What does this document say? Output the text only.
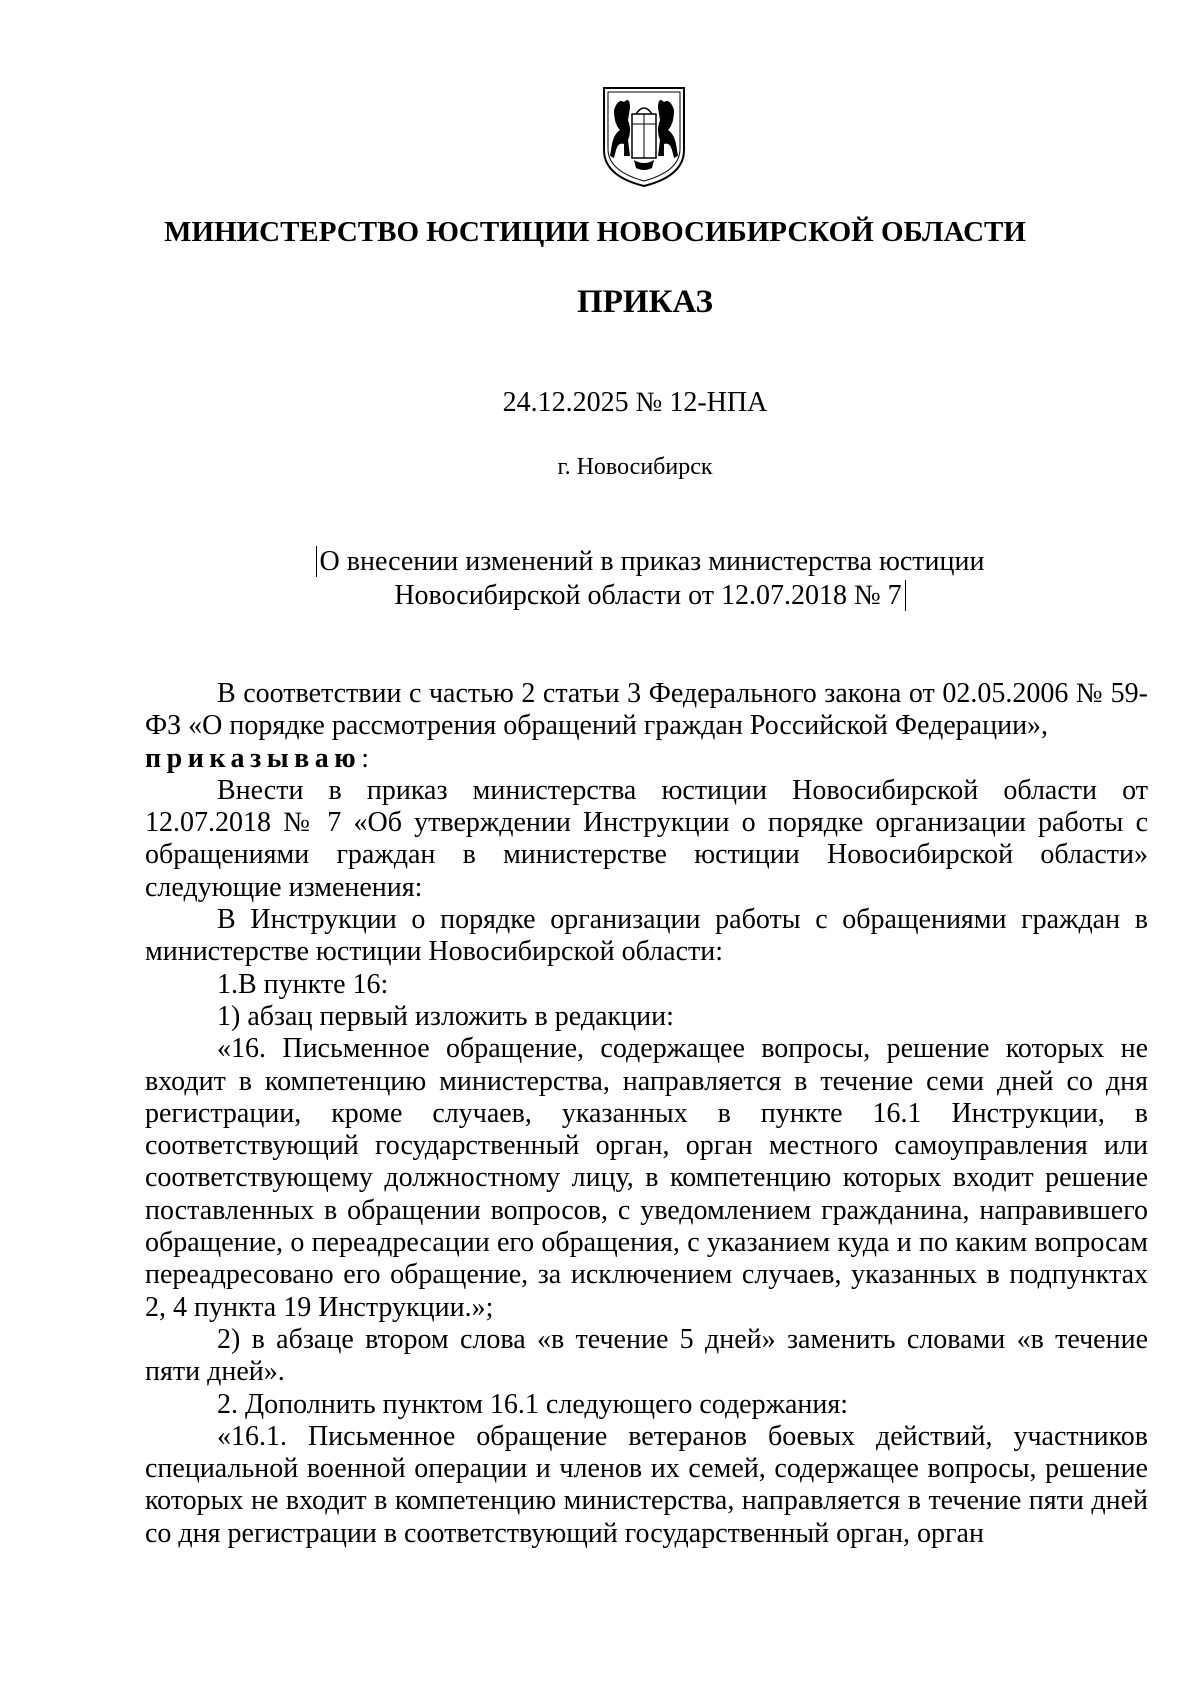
МИНИСТЕРСТВО ЮСТИЦИИ НОВОСИБИРСКОЙ ОБЛАСТИ
ПРИКАЗ
24.12.2025 № 12-НПА
г. Новосибирск
О внесении изменений в приказ министерства юстиции
Новосибирской области от 12.07.2018 № 7

В соответствии с частью 2 статьи 3 Федерального закона от 02.05.2006 № 59-ФЗ «О порядке рассмотрения обращений граждан Российской Федерации»,
приказываю:

Внести в приказ министерства юстиции Новосибирской области от 12.07.2018 № 7 «Об утверждении Инструкции о порядке организации работы с обращениями граждан в министерстве юстиции Новосибирской области» следующие изменения:

В Инструкции о порядке организации работы с обращениями граждан в министерстве юстиции Новосибирской области:

1.В пункте 16:

1) абзац первый изложить в редакции:

«16. Письменное обращение, содержащее вопросы, решение которых не входит в компетенцию министерства, направляется в течение семи дней со дня регистрации, кроме случаев, указанных в пункте 16.1 Инструкции, в соответствующий государственный орган, орган местного самоуправления или соответствующему должностному лицу, в компетенцию которых входит решение поставленных в обращении вопросов, с уведомлением гражданина, направившего обращение, о переадресации его обращения, с указанием куда и по каким вопросам переадресовано его обращение, за исключением случаев, указанных в подпунктах 2, 4 пункта 19 Инструкции.»;

2) в абзаце втором слова «в течение 5 дней» заменить словами «в течение пяти дней».

2. Дополнить пунктом 16.1 следующего содержания:

«16.1. Письменное обращение ветеранов боевых действий, участников специальной военной операции и членов их семей, содержащее вопросы, решение которых не входит в компетенцию министерства, направляется в течение пяти дней со дня регистрации в соответствующий государственный орган, орган
